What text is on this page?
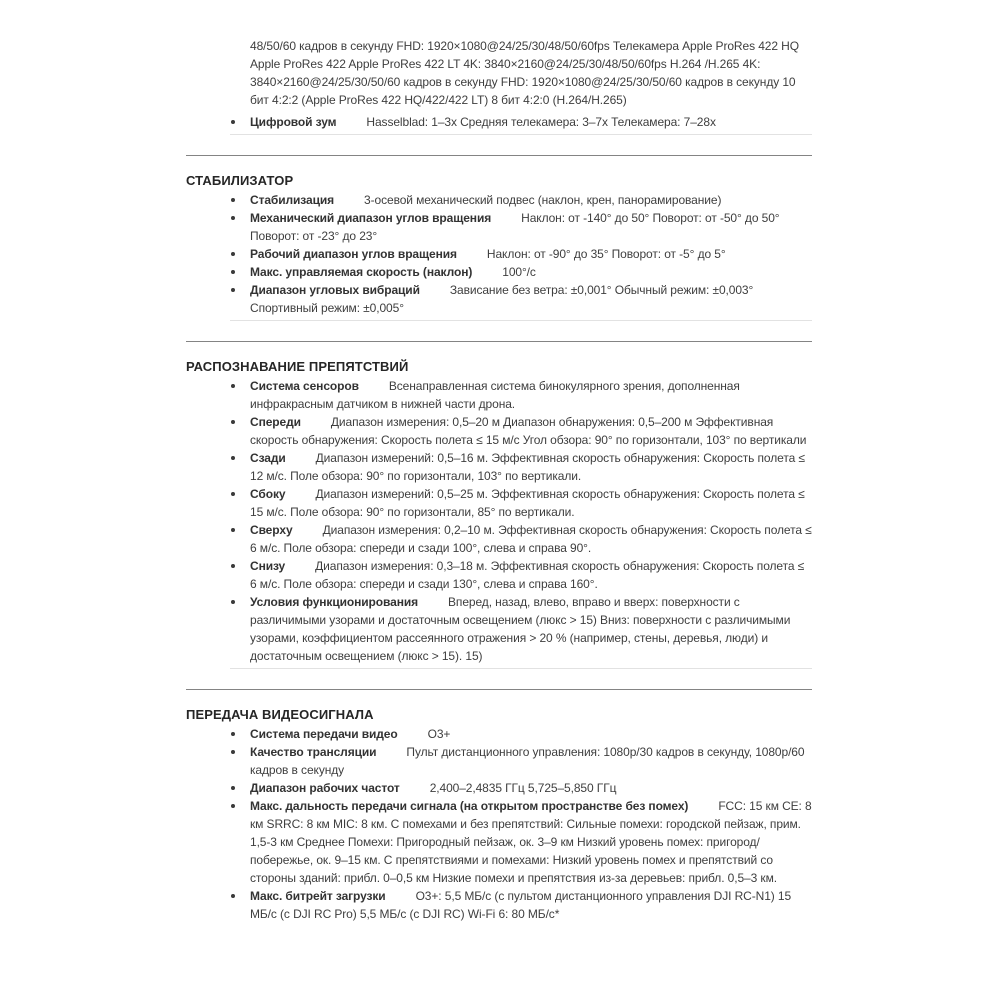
48/50/60 кадров в секунду FHD: 1920×1080@24/25/30/48/50/60fps Телекамера Apple ProRes 422 HQ Apple ProRes 422 Apple ProRes 422 LT 4K: 3840×2160@24/25/30/48/50/60fps H.264 /H.265 4K: 3840×2160@24/25/30/50/60 кадров в секунду FHD: 1920×1080@24/25/30/50/60 кадров в секунду 10 бит 4:2:2 (Apple ProRes 422 HQ/422/422 LT) 8 бит 4:2:0 (H.264/H.265)

Цифровой зум	Hasselblad: 1–3x Средняя телекамера: 3–7x Телекамера: 7–28x
СТАБИЛИЗАТОР
Стабилизация	3-осевой механический подвес (наклон, крен, панорамирование)
Механический диапазон углов вращения	Наклон: от -140° до 50° Поворот: от -50° до 50° Поворот: от -23° до 23°
Рабочий диапазон углов вращения	Наклон: от -90° до 35° Поворот: от -5° до 5°
Макс. управляемая скорость (наклон)	100°/с
Диапазон угловых вибраций	Зависание без ветра: ±0,001° Обычный режим: ±0,003° Спортивный режим: ±0,005°
РАСПОЗНАВАНИЕ ПРЕПЯТСТВИЙ
Система сенсоров	Всенаправленная система бинокулярного зрения, дополненная инфракрасным датчиком в нижней части дрона.
Спереди	Диапазон измерения: 0,5–20 м Диапазон обнаружения: 0,5–200 м Эффективная скорость обнаружения: Скорость полета ≤ 15 м/с Угол обзора: 90° по горизонтали, 103° по вертикали
Сзади	Диапазон измерений: 0,5–16 м. Эффективная скорость обнаружения: Скорость полета ≤ 12 м/с. Поле обзора: 90° по горизонтали, 103° по вертикали.
Сбоку	Диапазон измерений: 0,5–25 м. Эффективная скорость обнаружения: Скорость полета ≤ 15 м/с. Поле обзора: 90° по горизонтали, 85° по вертикали.
Сверху	Диапазон измерения: 0,2–10 м. Эффективная скорость обнаружения: Скорость полета ≤ 6 м/с. Поле обзора: спереди и сзади 100°, слева и справа 90°.
Снизу	Диапазон измерения: 0,3–18 м. Эффективная скорость обнаружения: Скорость полета ≤ 6 м/с. Поле обзора: спереди и сзади 130°, слева и справа 160°.
Условия функционирования	Вперед, назад, влево, вправо и вверх: поверхности с различимыми узорами и достаточным освещением (люкс > 15) Вниз: поверхности с различимыми узорами, коэффициентом рассеянного отражения > 20 % (например, стены, деревья, люди) и достаточным освещением (люкс > 15). 15)
ПЕРЕДАЧА ВИДЕОСИГНАЛА
Система передачи видео	O3+
Качество трансляции	Пульт дистанционного управления: 1080p/30 кадров в секунду, 1080p/60 кадров в секунду
Диапазон рабочих частот	2,400–2,4835 ГГц 5,725–5,850 ГГц
Макс. дальность передачи сигнала (на открытом пространстве без помех)	FCC: 15 км CE: 8 км SRRC: 8 км MIC: 8 км. С помехами и без препятствий: Сильные помехи: городской пейзаж, прим. 1,5-3 км Среднее Помехи: Пригородный пейзаж, ок. 3–9 км Низкий уровень помех: пригород/побережье, ок. 9–15 км. С препятствиями и помехами: Низкий уровень помех и препятствий со стороны зданий: прибл. 0–0,5 км Низкие помехи и препятствия из-за деревьев: прибл. 0,5–3 км.
Макс. битрейт загрузки	O3+: 5,5 МБ/с (с пультом дистанционного управления DJI RC-N1) 15 МБ/с (с DJI RC Pro) 5,5 МБ/с (с DJI RC) Wi-Fi 6: 80 МБ/с*
